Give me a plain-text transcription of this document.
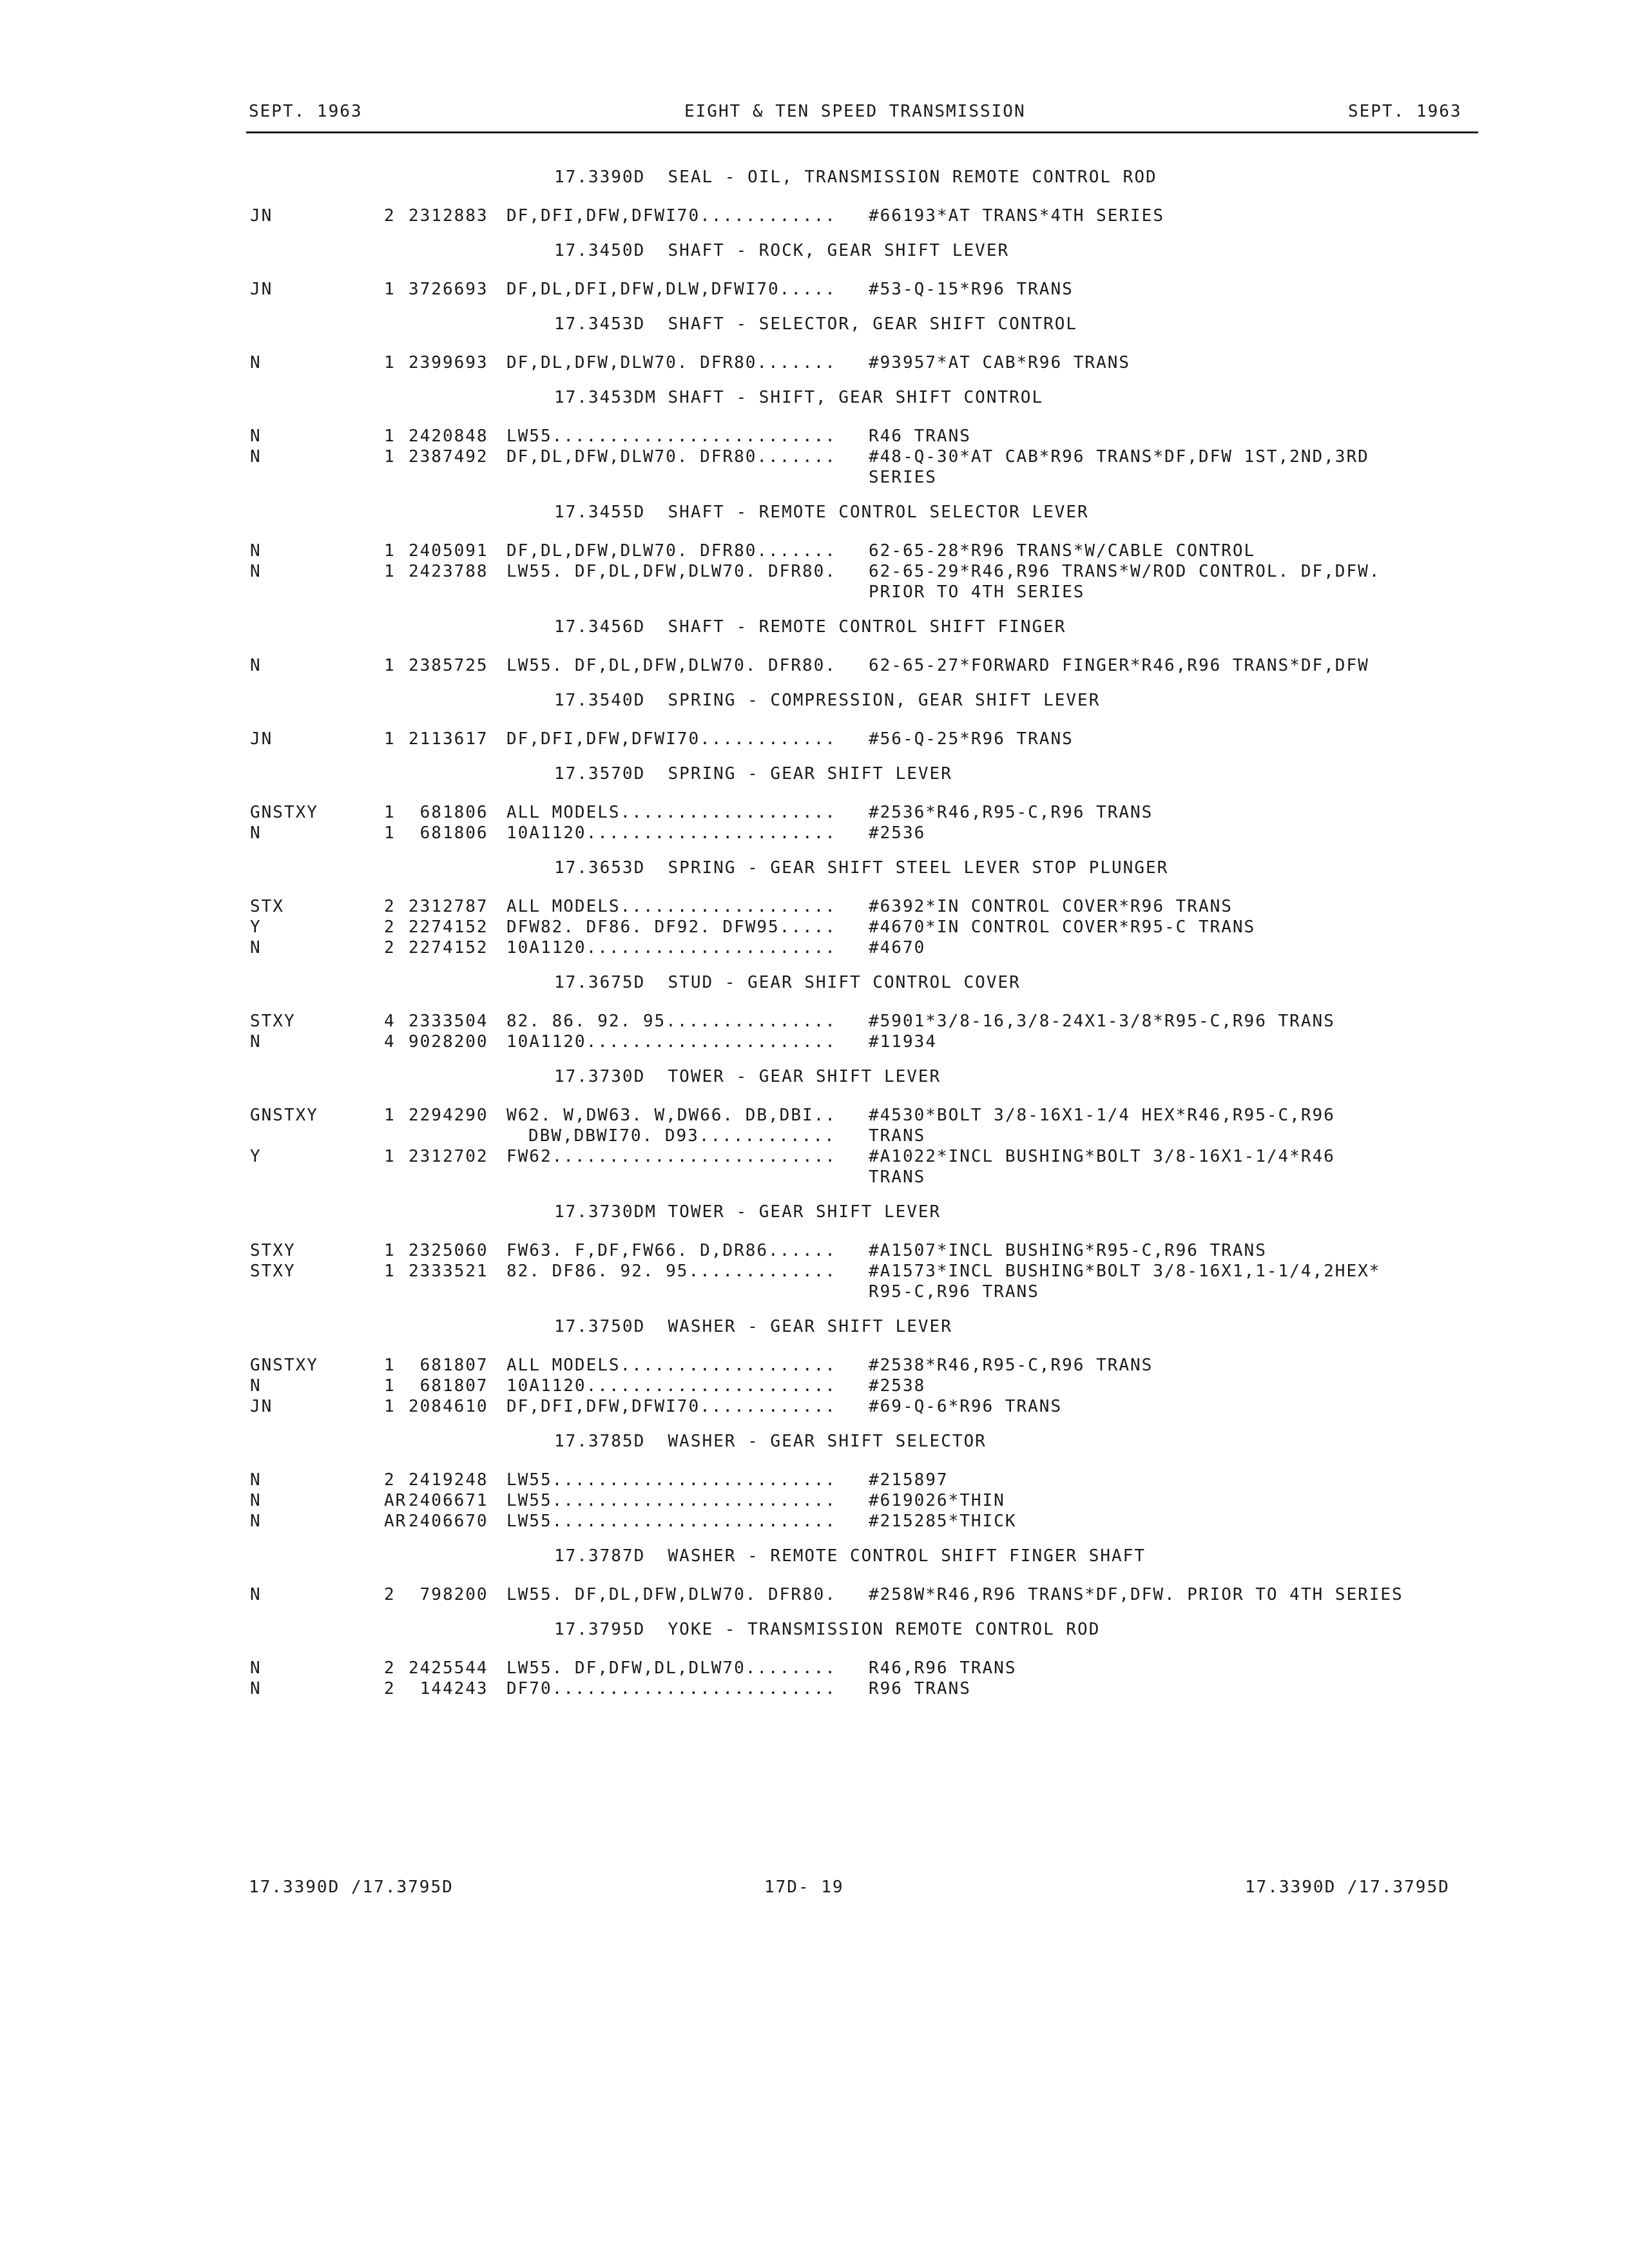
SEPT. 1963	EIGHT & TEN SPEED TRANSMISSION	SEPT. 1963
17.3390D  SEAL - OIL, TRANSMISSION REMOTE CONTROL ROD
JN	2 2312883 DF,DFI,DFW,DFWI70............ #66193*AT TRANS*4TH SERIES
17.3450D  SHAFT - ROCK, GEAR SHIFT LEVER
JN	1 3726693 DF,DL,DFI,DFW,DLW,DFWI70..... #53-Q-15*R96 TRANS
17.3453D  SHAFT - SELECTOR, GEAR SHIFT CONTROL
N	1 2399693 DF,DL,DFW,DLW70. DFR80....... #93957*AT CAB*R96 TRANS
17.3453DM SHAFT - SHIFT, GEAR SHIFT CONTROL
N	1 2420848 LW55......................... R46 TRANS
N	1 2387492 DF,DL,DFW,DLW70. DFR80....... #48-Q-30*AT CAB*R96 TRANS*DF,DFW 1ST,2ND,3RD
SERIES
17.3455D  SHAFT - REMOTE CONTROL SELECTOR LEVER
N	1 2405091 DF,DL,DFW,DLW70. DFR80....... 62-65-28*R96 TRANS*W/CABLE CONTROL
N	1 2423788 LW55. DF,DL,DFW,DLW70. DFR80. 62-65-29*R46,R96 TRANS*W/ROD CONTROL. DF,DFW.
PRIOR TO 4TH SERIES
17.3456D  SHAFT - REMOTE CONTROL SHIFT FINGER
N	1 2385725 LW55. DF,DL,DFW,DLW70. DFR80. 62-65-27*FORWARD FINGER*R46,R96 TRANS*DF,DFW
17.3540D  SPRING - COMPRESSION, GEAR SHIFT LEVER
JN	1 2113617 DF,DFI,DFW,DFWI70............ #56-Q-25*R96 TRANS
17.3570D  SPRING - GEAR SHIFT LEVER
GNSTXY	1 681806 ALL MODELS................... #2536*R46,R95-C,R96 TRANS
N	1 681806 10A1120...................... #2536
17.3653D  SPRING - GEAR SHIFT STEEL LEVER STOP PLUNGER
STX	2 2312787 ALL MODELS................... #6392*IN CONTROL COVER*R96 TRANS
Y	2 2274152 DFW82. DF86. DF92. DFW95..... #4670*IN CONTROL COVER*R95-C TRANS
N	2 2274152 10A1120...................... #4670
17.3675D  STUD - GEAR SHIFT CONTROL COVER
STXY	4 2333504 82. 86. 92. 95............... #5901*3/8-16,3/8-24X1-3/8*R95-C,R96 TRANS
N	4 9028200 10A1120...................... #11934
17.3730D  TOWER - GEAR SHIFT LEVER
GNSTXY	1 2294290 W62. W,DW63. W,DW66. DB,DBI.. #4530*BOLT 3/8-16X1-1/4 HEX*R46,R95-C,R96
DBW,DBWI70. D93............ TRANS
Y	1 2312702 FW62......................... #A1022*INCL BUSHING*BOLT 3/8-16X1-1/4*R46
TRANS
17.3730DM TOWER - GEAR SHIFT LEVER
STXY	1 2325060 FW63. F,DF,FW66. D,DR86...... #A1507*INCL BUSHING*R95-C,R96 TRANS
STXY	1 2333521 82. DF86. 92. 95............. #A1573*INCL BUSHING*BOLT 3/8-16X1,1-1/4,2HEX*
R95-C,R96 TRANS
17.3750D  WASHER - GEAR SHIFT LEVER
GNSTXY	1 681807 ALL MODELS................... #2538*R46,R95-C,R96 TRANS
N	1 681807 10A1120...................... #2538
JN	1 2084610 DF,DFI,DFW,DFWI70............ #69-Q-6*R96 TRANS
17.3785D  WASHER - GEAR SHIFT SELECTOR
N	2 2419248 LW55......................... #215897
N	AR 2406671 LW55......................... #619026*THIN
N	AR 2406670 LW55......................... #215285*THICK
17.3787D  WASHER - REMOTE CONTROL SHIFT FINGER SHAFT
N	2 798200 LW55. DF,DL,DFW,DLW70. DFR80. #258W*R46,R96 TRANS*DF,DFW. PRIOR TO 4TH SERIES
17.3795D  YOKE - TRANSMISSION REMOTE CONTROL ROD
N	2 2425544 LW55. DF,DFW,DL,DLW70........ R46,R96 TRANS
N	2 144243 DF70......................... R96 TRANS
17.3390D /17.3795D	17D- 19	17.3390D /17.3795D
